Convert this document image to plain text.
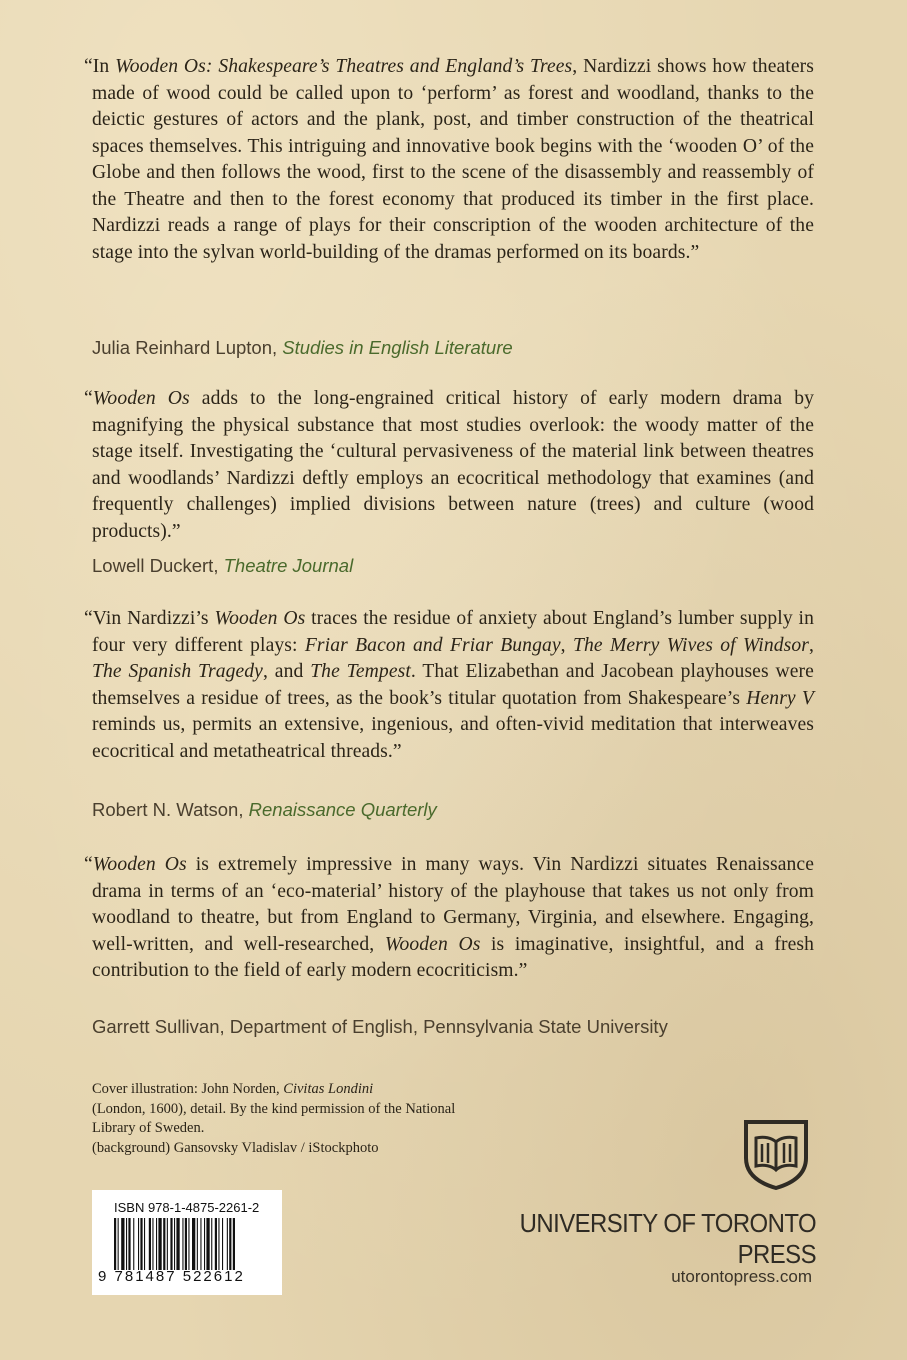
“In Wooden Os: Shakespeare’s Theatres and England’s Trees, Nardizzi shows how theaters made of wood could be called upon to ‘perform’ as forest and woodland, thanks to the deictic gestures of actors and the plank, post, and timber construction of the theatrical spaces themselves. This intriguing and innovative book begins with the ‘wooden O’ of the Globe and then follows the wood, first to the scene of the disassembly and reassembly of the Theatre and then to the forest economy that produced its timber in the first place. Nardizzi reads a range of plays for their conscription of the wooden architecture of the stage into the sylvan world-building of the dramas performed on its boards.”

Julia Reinhard Lupton, Studies in English Literature

“Wooden Os adds to the long-engrained critical history of early modern drama by magnifying the physical substance that most studies overlook: the woody matter of the stage itself. Investigating the ‘cultural pervasiveness of the material link between theatres and woodlands’ Nardizzi deftly employs an ecocritical methodology that examines (and frequently challenges) implied divisions between nature (trees) and culture (wood products).”

Lowell Duckert, Theatre Journal

“Vin Nardizzi’s Wooden Os traces the residue of anxiety about England’s lumber supply in four very different plays: Friar Bacon and Friar Bungay, The Merry Wives of Windsor, The Spanish Tragedy, and The Tempest. That Elizabethan and Jacobean playhouses were themselves a residue of trees, as the book’s titular quotation from Shakespeare’s Henry V reminds us, permits an extensive, ingenious, and often-vivid meditation that interweaves ecocritical and metatheatrical threads.”

Robert N. Watson, Renaissance Quarterly

“Wooden Os is extremely impressive in many ways. Vin Nardizzi situates Renaissance drama in terms of an ‘eco-material’ history of the playhouse that takes us not only from woodland to theatre, but from England to Germany, Virginia, and elsewhere. Engaging, well-written, and well-researched, Wooden Os is imaginative, insightful, and a fresh contribution to the field of early modern ecocriticism.”

Garrett Sullivan, Department of English, Pennsylvania State University
Cover illustration: John Norden, Civitas Londini
(London, 1600), detail. By the kind permission of the National Library of Sweden.
(background) Gansovsky Vladislav / iStockphoto
ISBN 978-1-4875-2261-2
9 781487 522612
UNIVERSITY OF TORONTO PRESS
utorontopress.com
